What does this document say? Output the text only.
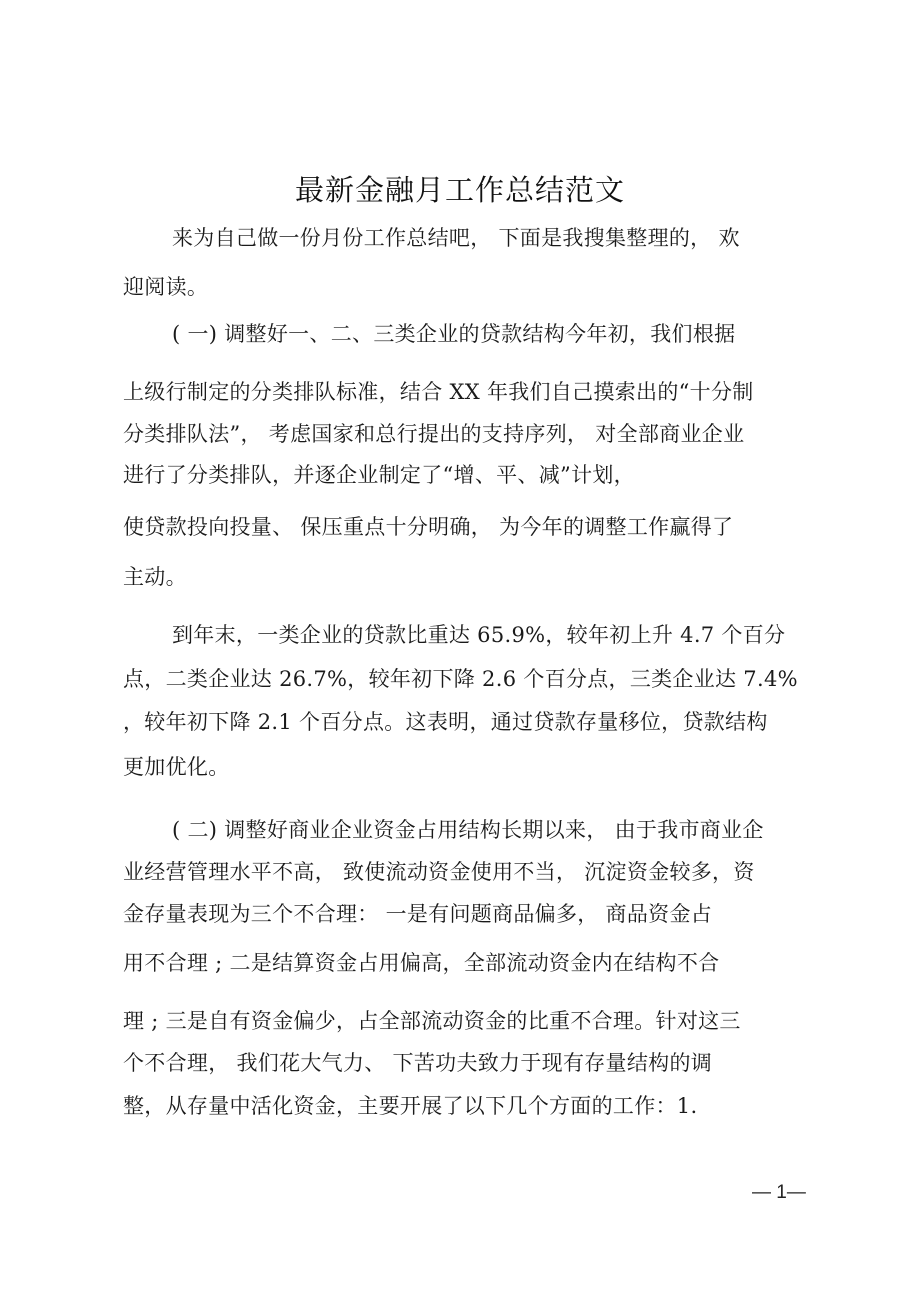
最新金融月工作总结范文
来为自己做一份月份工作总结吧， 下面是我搜集整理的， 欢
迎阅读。
( 一) 调整好一、二、三类企业的贷款结构今年初，我们根据
上级行制定的分类排队标准，结合 XX 年我们自己摸索出的“十分制
分类排队法”， 考虑国家和总行提出的支持序列， 对全部商业企业
进行了分类排队，并逐企业制定了“增、平、减”计划，
使贷款投向投量、 保压重点十分明确， 为今年的调整工作赢得了
主动。
到年末，一类企业的贷款比重达 65.9%，较年初上升 4.7 个百分
点，二类企业达 26.7%，较年初下降 2.6 个百分点，三类企业达 7.4%
，较年初下降 2.1 个百分点。这表明，通过贷款存量移位，贷款结构
更加优化。
( 二) 调整好商业企业资金占用结构长期以来， 由于我市商业企
业经营管理水平不高， 致使流动资金使用不当， 沉淀资金较多，资
金存量表现为三个不合理： 一是有问题商品偏多， 商品资金占
用不合理 ; 二是结算资金占用偏高，全部流动资金内在结构不合
理 ; 三是自有资金偏少，占全部流动资金的比重不合理。针对这三
个不合理， 我们花大气力、 下苦功夫致力于现有存量结构的调
整，从存量中活化资金，主要开展了以下几个方面的工作：1.
— 1—
